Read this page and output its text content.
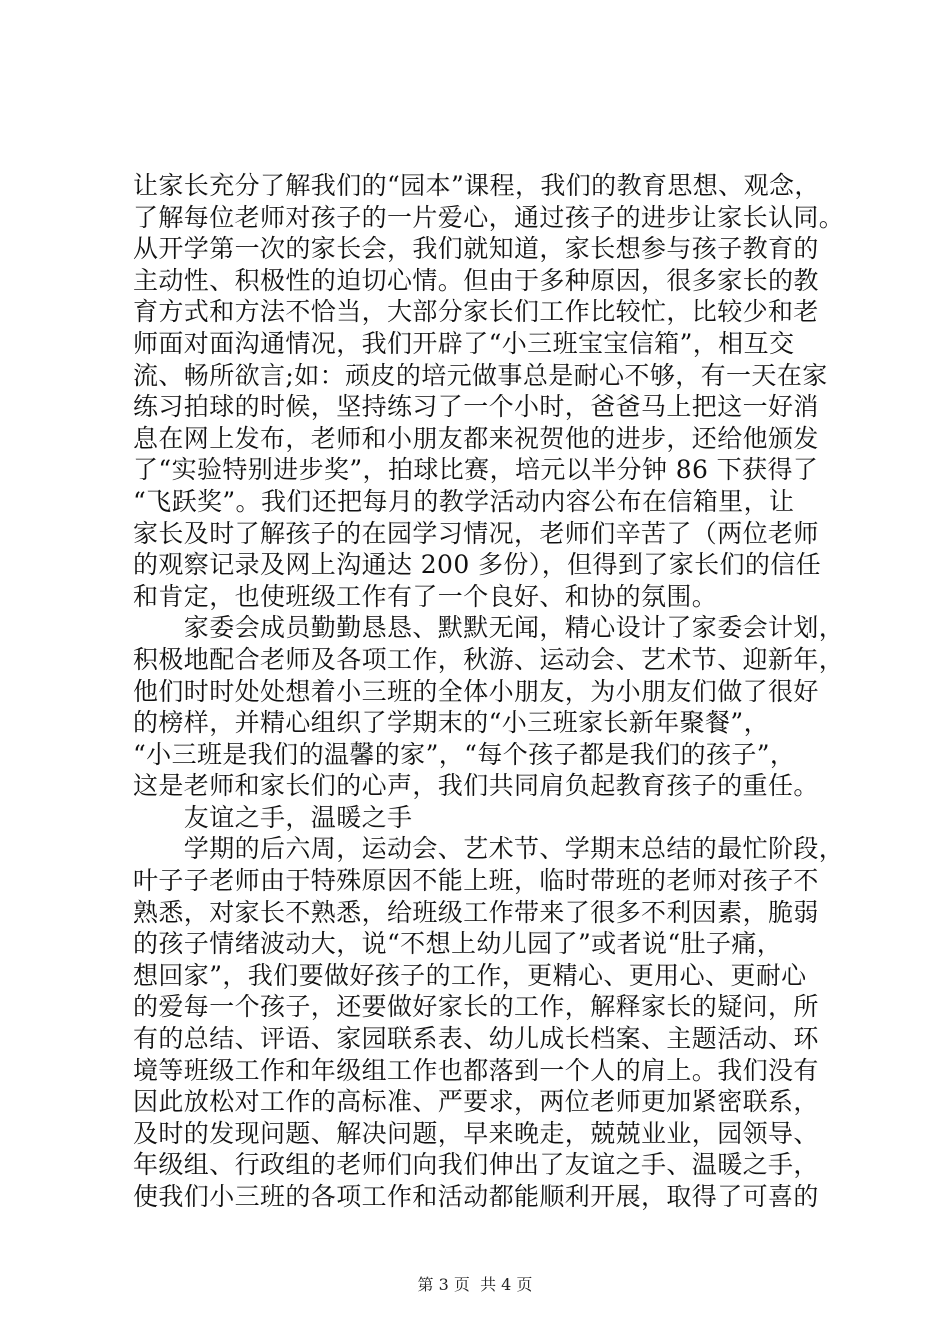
让家长充分了解我们的“园本”课程，我们的教育思想、观念，
了解每位老师对孩子的一片爱心，通过孩子的进步让家长认同。
从开学第一次的家长会，我们就知道，家长想参与孩子教育的
主动性、积极性的迫切心情。但由于多种原因，很多家长的教
育方式和方法不恰当，大部分家长们工作比较忙，比较少和老
师面对面沟通情况，我们开辟了“小三班宝宝信箱”，相互交
流、畅所欲言;如：顽皮的培元做事总是耐心不够，有一天在家
练习拍球的时候，坚持练习了一个小时，爸爸马上把这一好消
息在网上发布，老师和小朋友都来祝贺他的进步，还给他颁发
了“实验特别进步奖”，拍球比赛，培元以半分钟 86 下获得了
“飞跃奖”。我们还把每月的教学活动内容公布在信箱里，让
家长及时了解孩子的在园学习情况，老师们辛苦了（两位老师
的观察记录及网上沟通达 200 多份），但得到了家长们的信任
和肯定，也使班级工作有了一个良好、和协的氛围。
　　家委会成员勤勤恳恳、默默无闻，精心设计了家委会计划，
积极地配合老师及各项工作，秋游、运动会、艺术节、迎新年，
他们时时处处想着小三班的全体小朋友，为小朋友们做了很好
的榜样，并精心组织了学期末的“小三班家长新年聚餐”，
“小三班是我们的温馨的家”，“每个孩子都是我们的孩子”，
这是老师和家长们的心声，我们共同肩负起教育孩子的重任。
　　友谊之手，温暖之手
　　学期的后六周，运动会、艺术节、学期末总结的最忙阶段，
叶子子老师由于特殊原因不能上班，临时带班的老师对孩子不
熟悉，对家长不熟悉，给班级工作带来了很多不利因素，脆弱
的孩子情绪波动大，说“不想上幼儿园了”或者说“肚子痛，
想回家”，我们要做好孩子的工作，更精心、更用心、更耐心
的爱每一个孩子，还要做好家长的工作，解释家长的疑问，所
有的总结、评语、家园联系表、幼儿成长档案、主题活动、环
境等班级工作和年级组工作也都落到一个人的肩上。我们没有
因此放松对工作的高标准、严要求，两位老师更加紧密联系，
及时的发现问题、解决问题，早来晚走，兢兢业业，园领导、
年级组、行政组的老师们向我们伸出了友谊之手、温暖之手，
使我们小三班的各项工作和活动都能顺利开展，取得了可喜的
第 3 页  共 4 页
